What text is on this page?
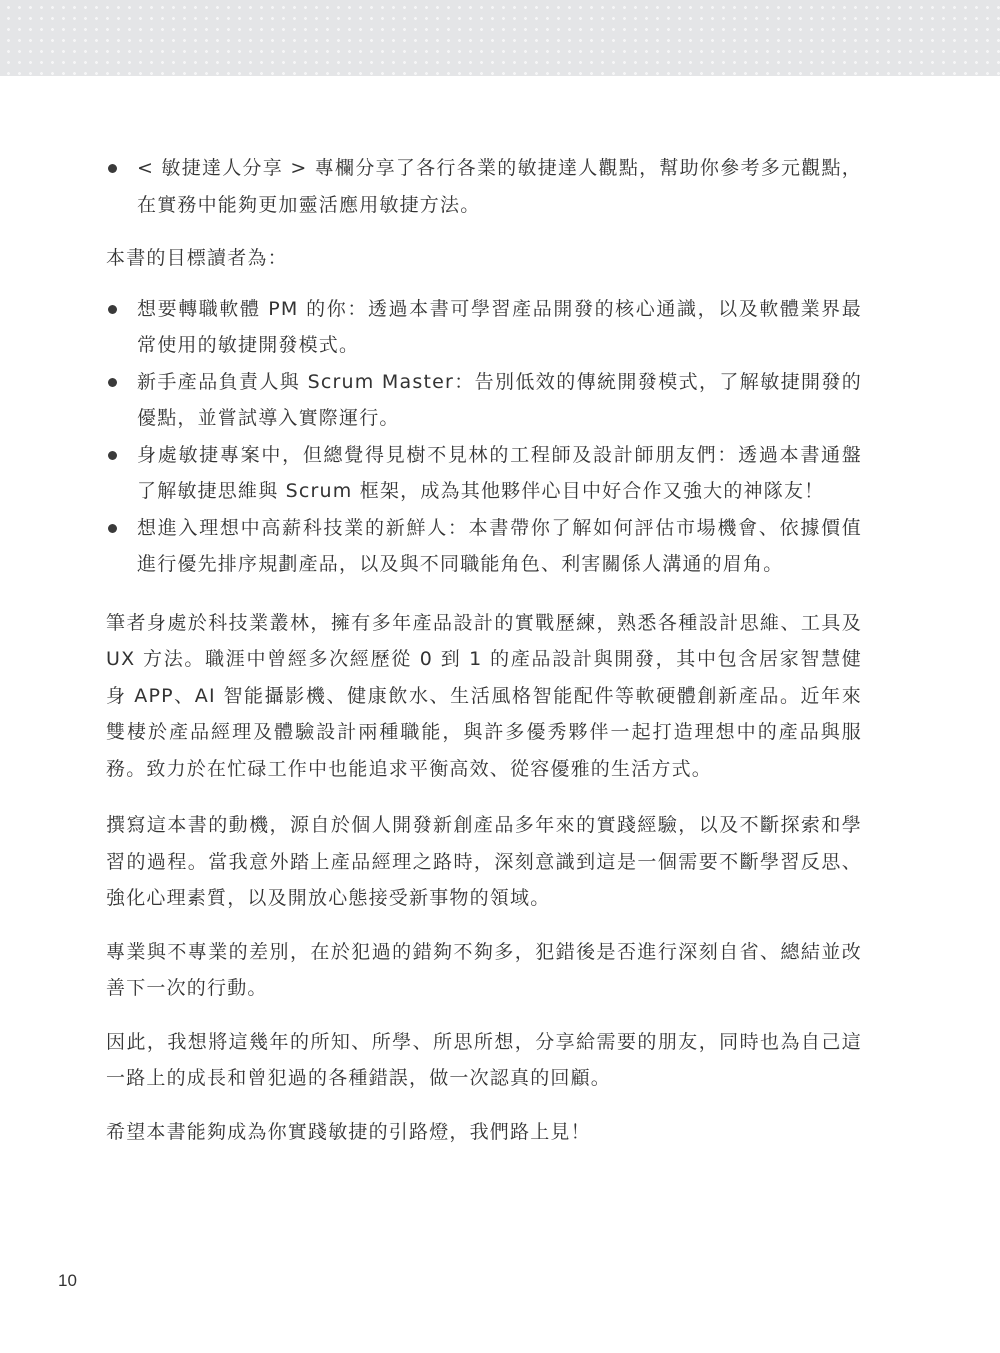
< 敏捷達人分享 > 專欄分享了各行各業的敏捷達人觀點，幫助你參考多元觀點，在實務中能夠更加靈活應用敏捷方法。

本書的目標讀者為：

想要轉職軟體 PM 的你：透過本書可學習產品開發的核心通識，以及軟體業界最常使用的敏捷開發模式。
新手產品負責人與 Scrum Master：告別低效的傳統開發模式，了解敏捷開發的優點，並嘗試導入實際運行。
身處敏捷專案中，但總覺得見樹不見林的工程師及設計師朋友們：透過本書通盤了解敏捷思維與 Scrum 框架，成為其他夥伴心目中好合作又強大的神隊友！
想進入理想中高薪科技業的新鮮人：本書帶你了解如何評估市場機會、依據價值進行優先排序規劃產品，以及與不同職能角色、利害關係人溝通的眉角。

筆者身處於科技業叢林，擁有多年產品設計的實戰歷練，熟悉各種設計思維、工具及 UX 方法。職涯中曾經多次經歷從 0 到 1 的產品設計與開發，其中包含居家智慧健身 APP、AI 智能攝影機、健康飲水、生活風格智能配件等軟硬體創新產品。近年來雙棲於產品經理及體驗設計兩種職能，與許多優秀夥伴一起打造理想中的產品與服務。致力於在忙碌工作中也能追求平衡高效、從容優雅的生活方式。

撰寫這本書的動機，源自於個人開發新創產品多年來的實踐經驗，以及不斷探索和學習的過程。當我意外踏上產品經理之路時，深刻意識到這是一個需要不斷學習反思、強化心理素質，以及開放心態接受新事物的領域。

專業與不專業的差別，在於犯過的錯夠不夠多，犯錯後是否進行深刻自省、總結並改善下一次的行動。

因此，我想將這幾年的所知、所學、所思所想，分享給需要的朋友，同時也為自己這一路上的成長和曾犯過的各種錯誤，做一次認真的回顧。

希望本書能夠成為你實踐敏捷的引路燈，我們路上見！

10
